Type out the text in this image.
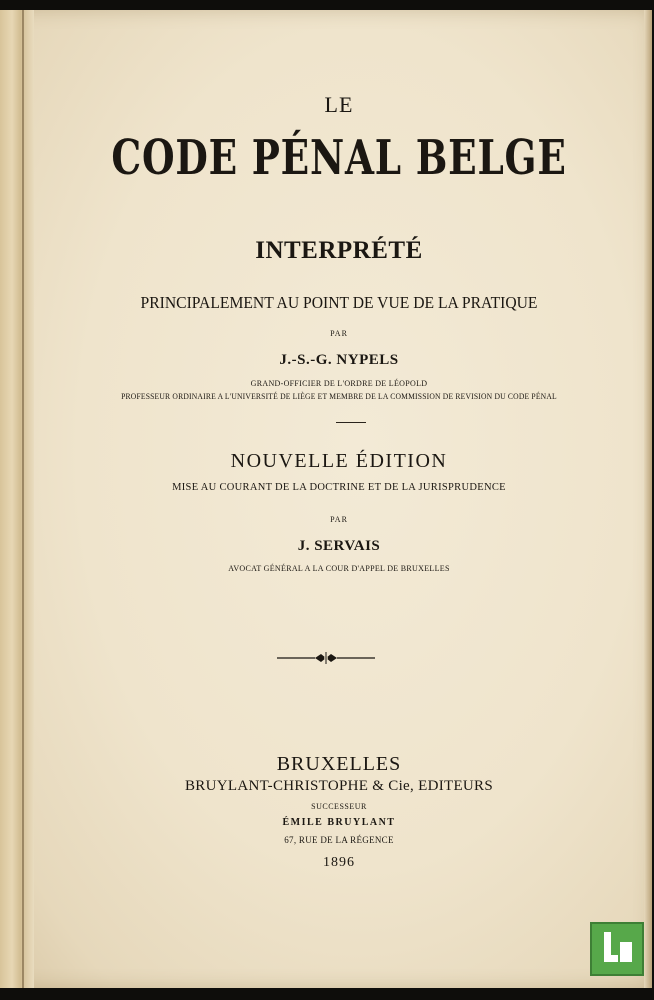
LE
CODE PÉNAL BELGE
INTERPRÉTÉ
PRINCIPALEMENT AU POINT DE VUE DE LA PRATIQUE
PAR
J.-S.-G. NYPELS
GRAND-OFFICIER DE L'ORDRE DE LÉOPOLD
PROFESSEUR ORDINAIRE A L'UNIVERSITÉ DE LIÈGE ET MEMBRE DE LA COMMISSION DE REVISION DU CODE PÉNAL
NOUVELLE ÉDITION
MISE AU COURANT DE LA DOCTRINE ET DE LA JURISPRUDENCE
PAR
J. SERVAIS
AVOCAT GÉNÉRAL A LA COUR D'APPEL DE BRUXELLES
BRUXELLES
BRUYLANT-CHRISTOPHE & Cie, EDITEURS
SUCCESSEUR
ÉMILE BRUYLANT
67, RUE DE LA RÉGENCE
1896
